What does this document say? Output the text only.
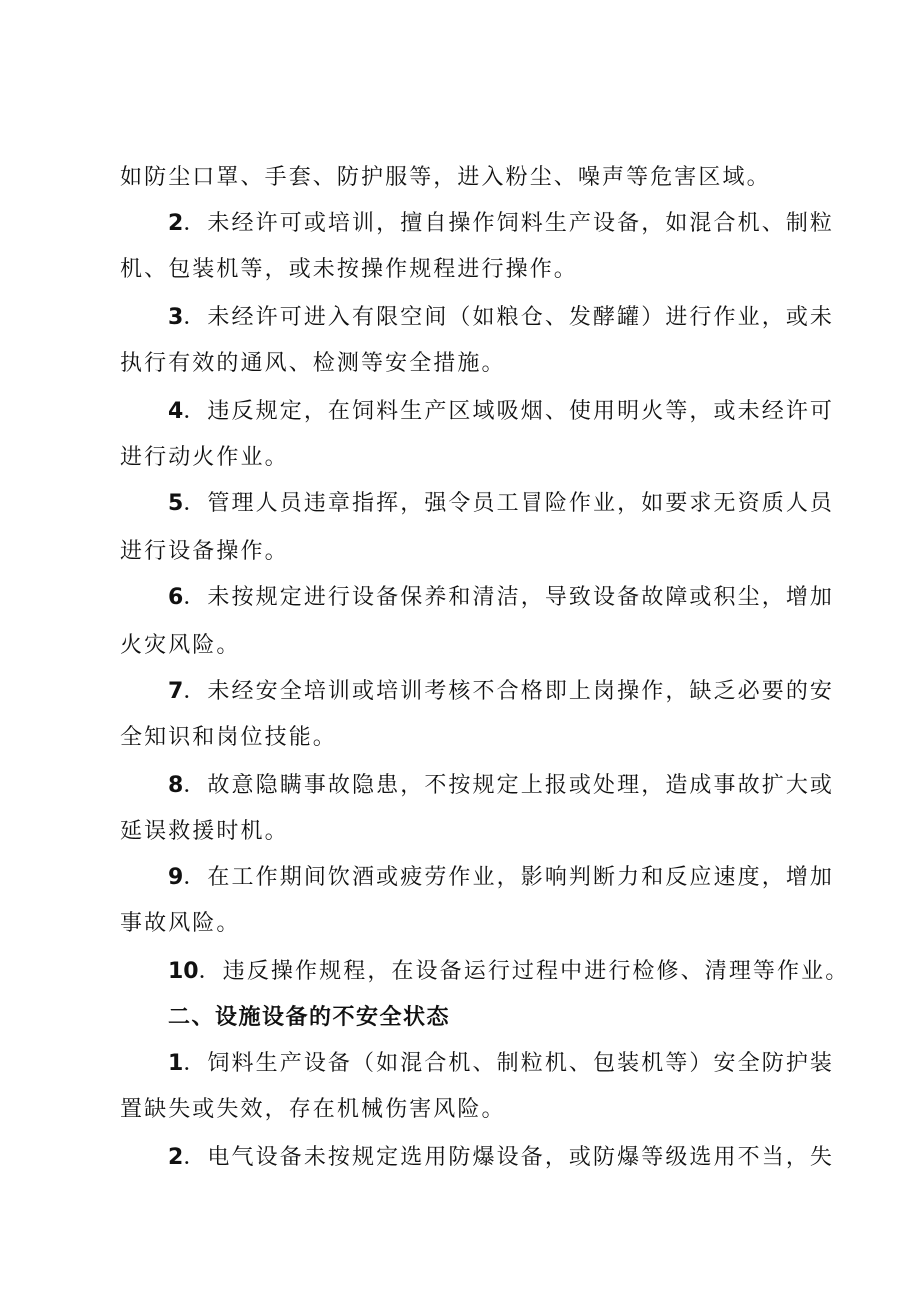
如防尘口罩、手套、防护服等，进入粉尘、噪声等危害区域。
2．未经许可或培训，擅自操作饲料生产设备，如混合机、制粒
机、包装机等，或未按操作规程进行操作。
3．未经许可进入有限空间（如粮仓、发酵罐）进行作业，或未
执行有效的通风、检测等安全措施。
4．违反规定，在饲料生产区域吸烟、使用明火等，或未经许可
进行动火作业。
5．管理人员违章指挥，强令员工冒险作业，如要求无资质人员
进行设备操作。
6．未按规定进行设备保养和清洁，导致设备故障或积尘，增加
火灾风险。
7．未经安全培训或培训考核不合格即上岗操作，缺乏必要的安
全知识和岗位技能。
8．故意隐瞒事故隐患，不按规定上报或处理，造成事故扩大或
延误救援时机。
9．在工作期间饮酒或疲劳作业，影响判断力和反应速度，增加
事故风险。
10．违反操作规程，在设备运行过程中进行检修、清理等作业。
二、设施设备的不安全状态
1．饲料生产设备（如混合机、制粒机、包装机等）安全防护装
置缺失或失效，存在机械伤害风险。
2．电气设备未按规定选用防爆设备，或防爆等级选用不当，失
